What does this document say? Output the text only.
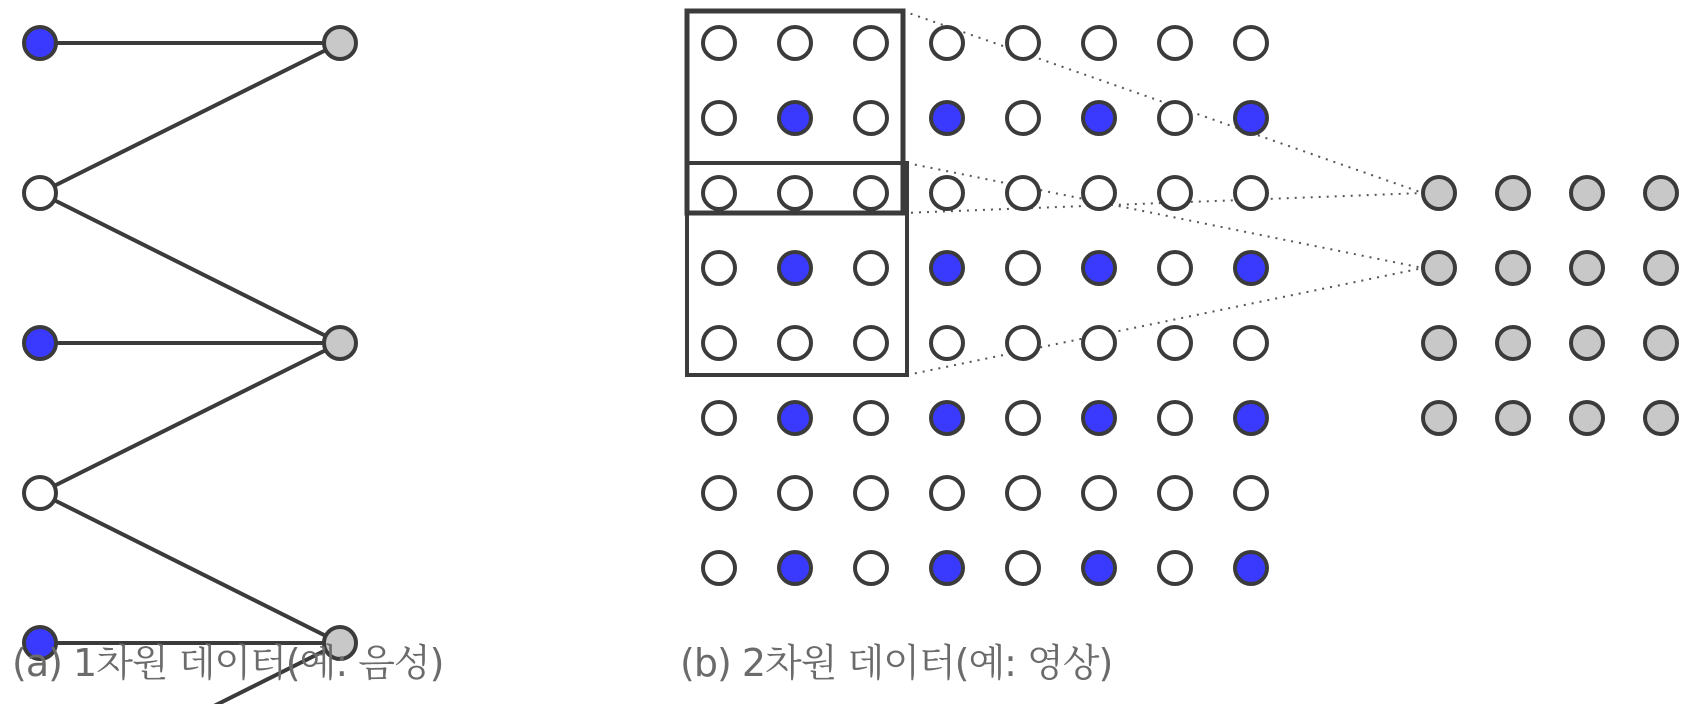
(a) 1차원 데이터(예: 음성)	(b) 2차원 데이터(예: 영상)
